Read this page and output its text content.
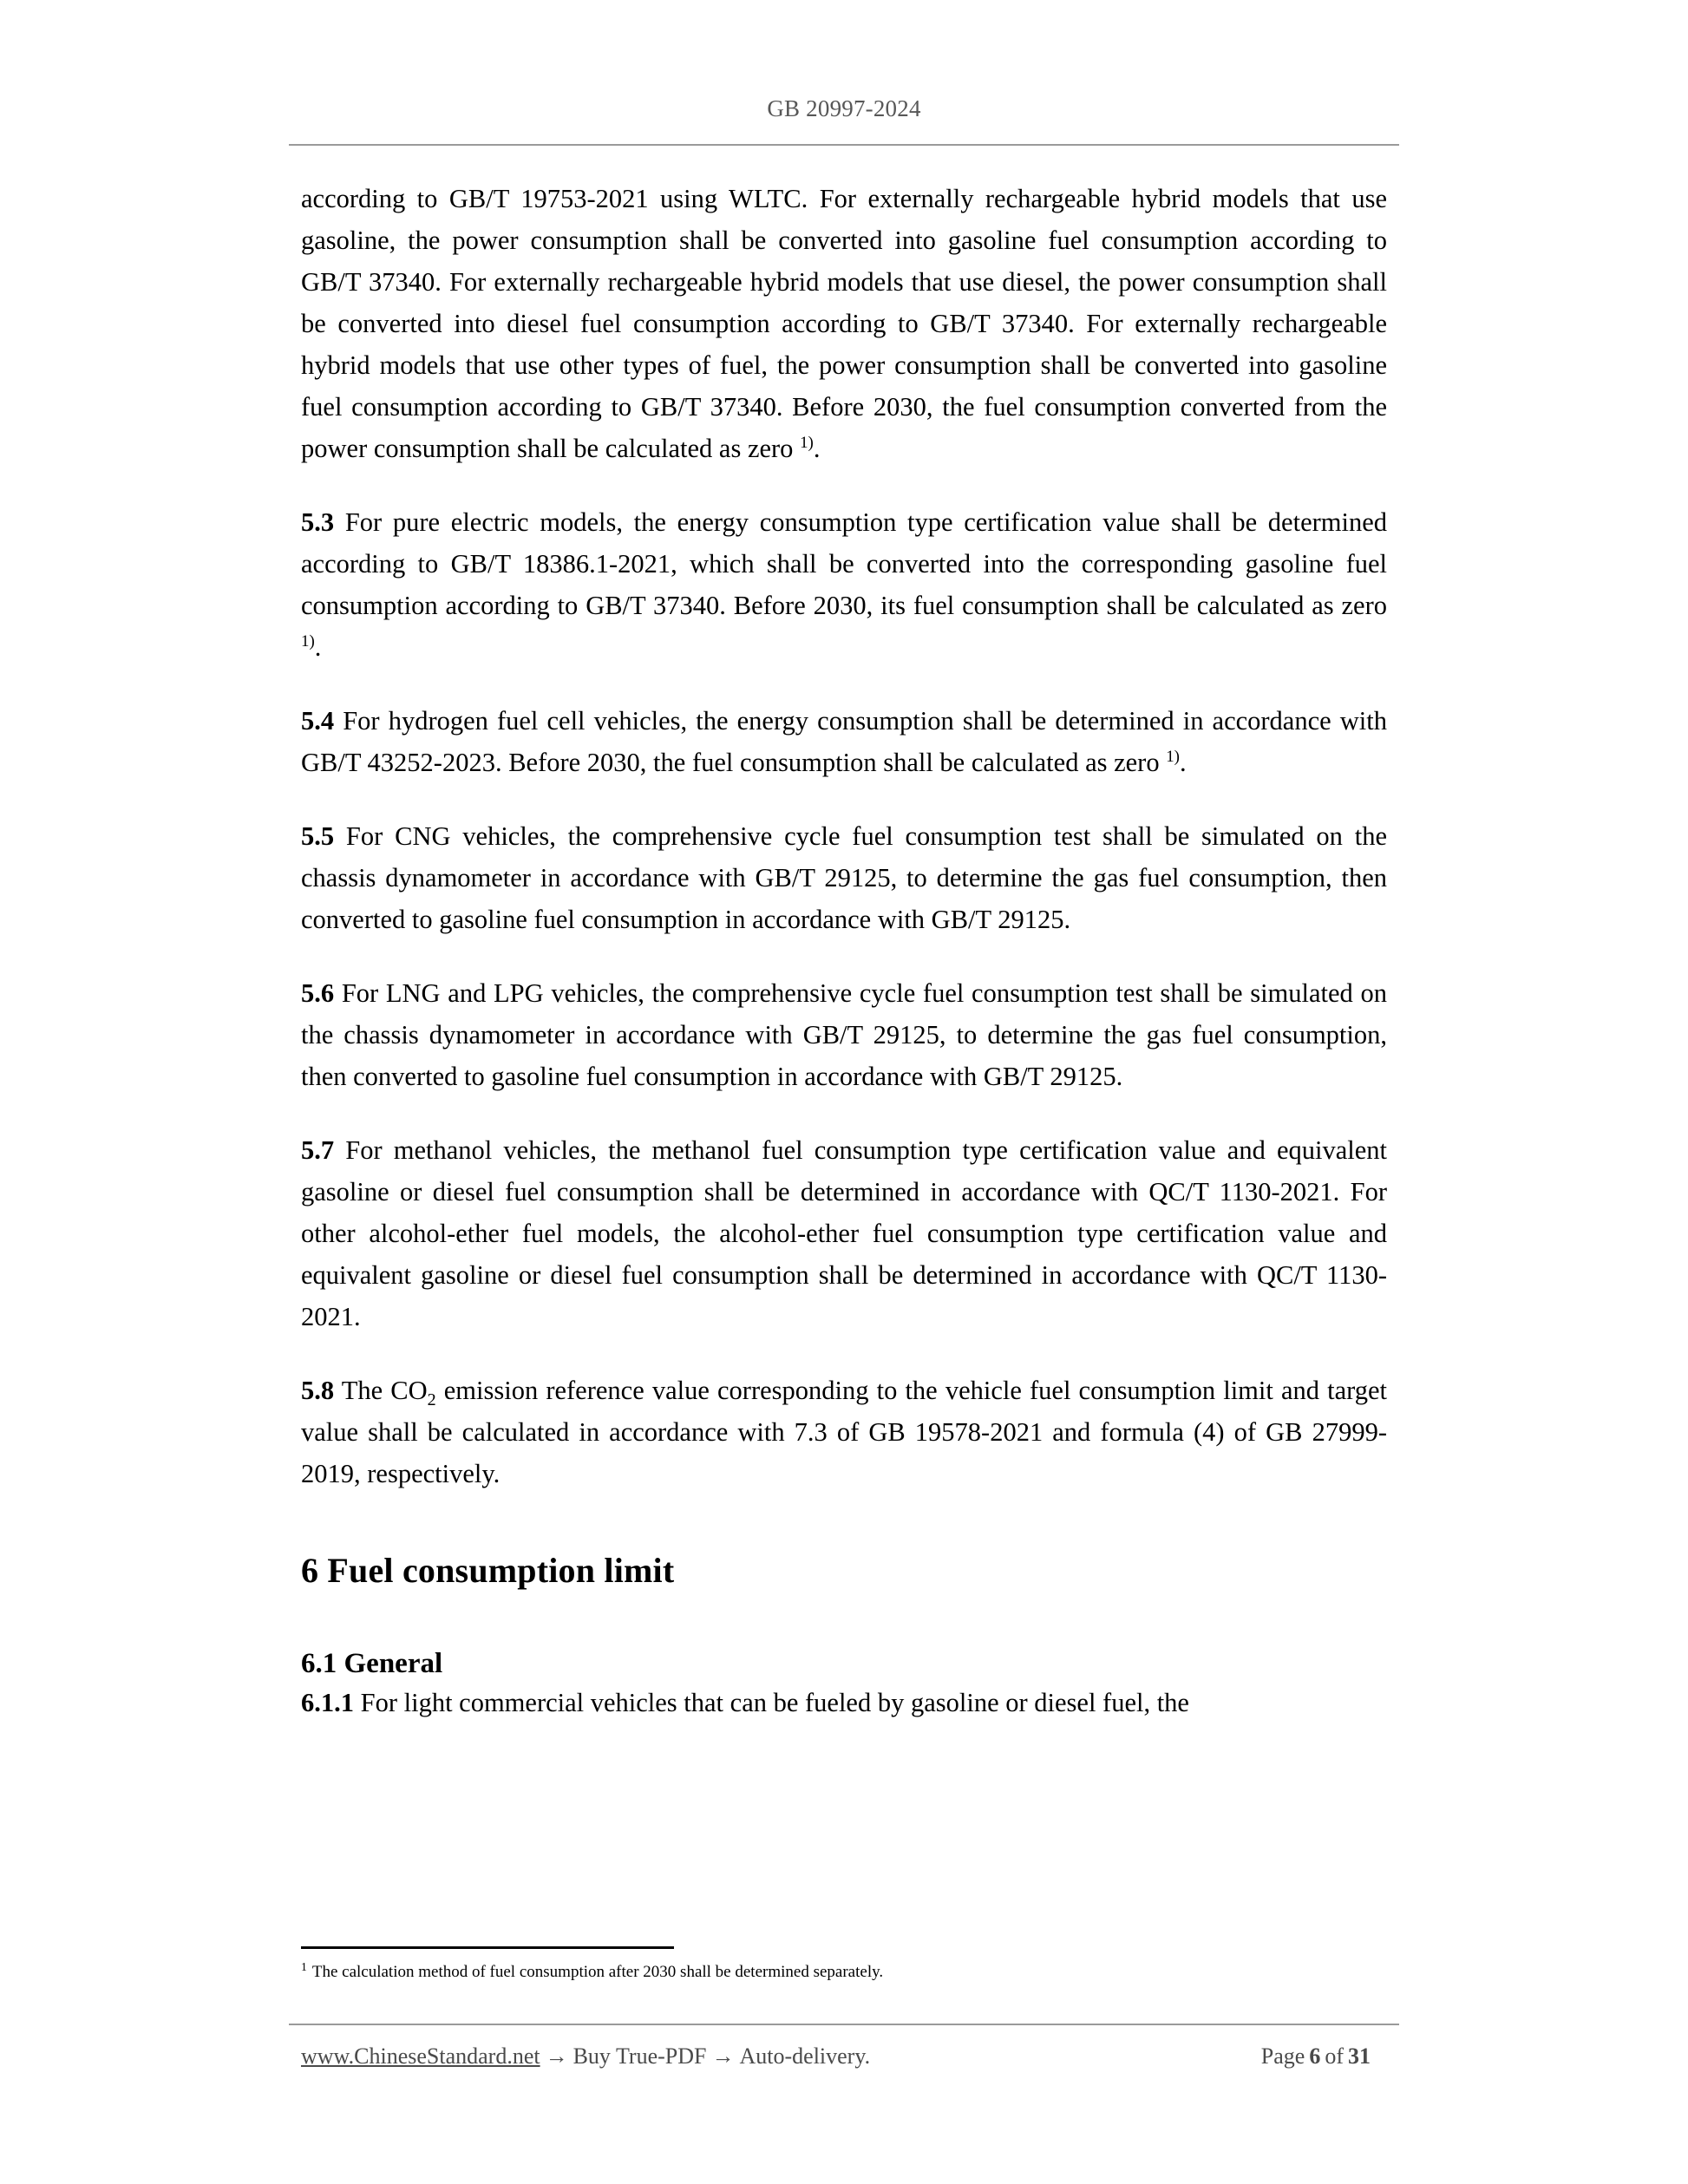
GB 20997-2024

according to GB/T 19753-2021 using WLTC. For externally rechargeable hybrid models that use gasoline, the power consumption shall be converted into gasoline fuel consumption according to GB/T 37340. For externally rechargeable hybrid models that use diesel, the power consumption shall be converted into diesel fuel consumption according to GB/T 37340. For externally rechargeable hybrid models that use other types of fuel, the power consumption shall be converted into gasoline fuel consumption according to GB/T 37340. Before 2030, the fuel consumption converted from the power consumption shall be calculated as zero $^{1)}$.

5.3 For pure electric models, the energy consumption type certification value shall be determined according to GB/T 18386.1-2021, which shall be converted into the corresponding gasoline fuel consumption according to GB/T 37340. Before 2030, its fuel consumption shall be calculated as zero $^{1)}$.

5.4 For hydrogen fuel cell vehicles, the energy consumption shall be determined in accordance with GB/T 43252-2023. Before 2030, the fuel consumption shall be calculated as zero $^{1)}$.

5.5 For CNG vehicles, the comprehensive cycle fuel consumption test shall be simulated on the chassis dynamometer in accordance with GB/T 29125, to determine the gas fuel consumption, then converted to gasoline fuel consumption in accordance with GB/T 29125.

5.6 For LNG and LPG vehicles, the comprehensive cycle fuel consumption test shall be simulated on the chassis dynamometer in accordance with GB/T 29125, to determine the gas fuel consumption, then converted to gasoline fuel consumption in accordance with GB/T 29125.

5.7 For methanol vehicles, the methanol fuel consumption type certification value and equivalent gasoline or diesel fuel consumption shall be determined in accordance with QC/T 1130-2021. For other alcohol-ether fuel models, the alcohol-ether fuel consumption type certification value and equivalent gasoline or diesel fuel consumption shall be determined in accordance with QC/T 1130-2021.

5.8 The $CO_2$ emission reference value corresponding to the vehicle fuel consumption limit and target value shall be calculated in accordance with 7.3 of GB 19578-2021 and formula (4) of GB 27999-2019, respectively.

6 Fuel consumption limit
6.1 General

6.1.1 For light commercial vehicles that can be fueled by gasoline or diesel fuel, the

$^1$ The calculation method of fuel consumption after 2030 shall be determined separately.
www.ChineseStandard.net → Buy True-PDF → Auto-delivery.	Page 6 of 31
